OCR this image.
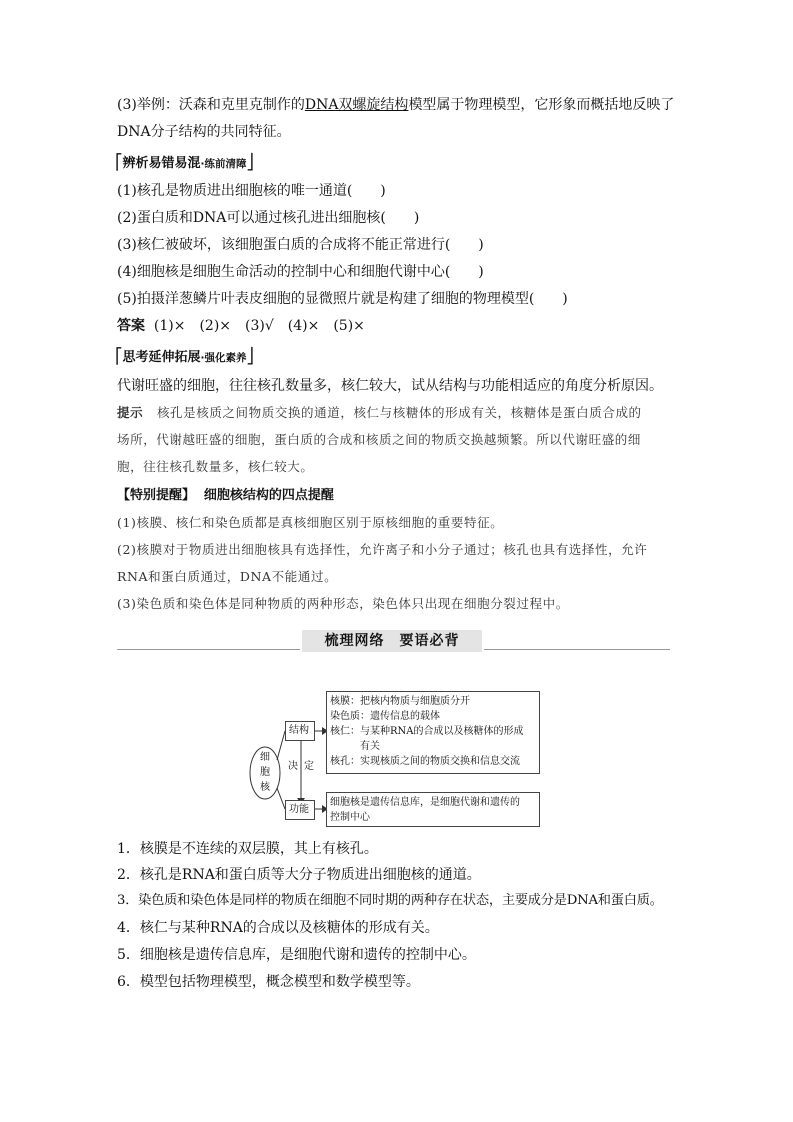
(3)举例：沃森和克里克制作的DNA双螺旋结构模型属于物理模型，它形象而概括地反映了
DNA分子结构的共同特征。
⎡辨析易错易混·练前清障⎦
(1)核孔是物质进出细胞核的唯一通道(　　)
(2)蛋白质和DNA可以通过核孔进出细胞核(　　)
(3)核仁被破坏，该细胞蛋白质的合成将不能正常进行(　　)
(4)细胞核是细胞生命活动的控制中心和细胞代谢中心(　　)
(5)拍摄洋葱鳞片叶表皮细胞的显微照片就是构建了细胞的物理模型(　　)
答案 (1)×　(2)×　(3)√　(4)×　(5)×
⎡思考延伸拓展·强化素养⎦
代谢旺盛的细胞，往往核孔数量多，核仁较大，试从结构与功能相适应的角度分析原因。
提示 核孔是核质之间物质交换的通道，核仁与核糖体的形成有关，核糖体是蛋白质合成的
场所，代谢越旺盛的细胞，蛋白质的合成和核质之间的物质交换越频繁。所以代谢旺盛的细
胞，往往核孔数量多，核仁较大。
【特别提醒】 细胞核结构的四点提醒
(1)核膜、核仁和染色质都是真核细胞区别于原核细胞的重要特征。
(2)核膜对于物质进出细胞核具有选择性，允许离子和小分子通过；核孔也具有选择性，允许
RNA和蛋白质通过，DNA不能通过。
(3)染色质和染色体是同种物质的两种形态，染色体只出现在细胞分裂过程中。
梳理网络　要语必背
细
胞
核
结构
功能
决 定
核膜：把核内物质与细胞质分开
染色质：遗传信息的载体
核仁：与某种RNA的合成以及核糖体的形成
有关
核孔：实现核质之间的物质交换和信息交流
细胞核是遗传信息库，是细胞代谢和遗传的
控制中心
1．核膜是不连续的双层膜，其上有核孔。
2．核孔是RNA和蛋白质等大分子物质进出细胞核的通道。
3．染色质和染色体是同样的物质在细胞不同时期的两种存在状态，主要成分是DNA和蛋白质。
4．核仁与某种RNA的合成以及核糖体的形成有关。
5．细胞核是遗传信息库，是细胞代谢和遗传的控制中心。
6．模型包括物理模型，概念模型和数学模型等。
